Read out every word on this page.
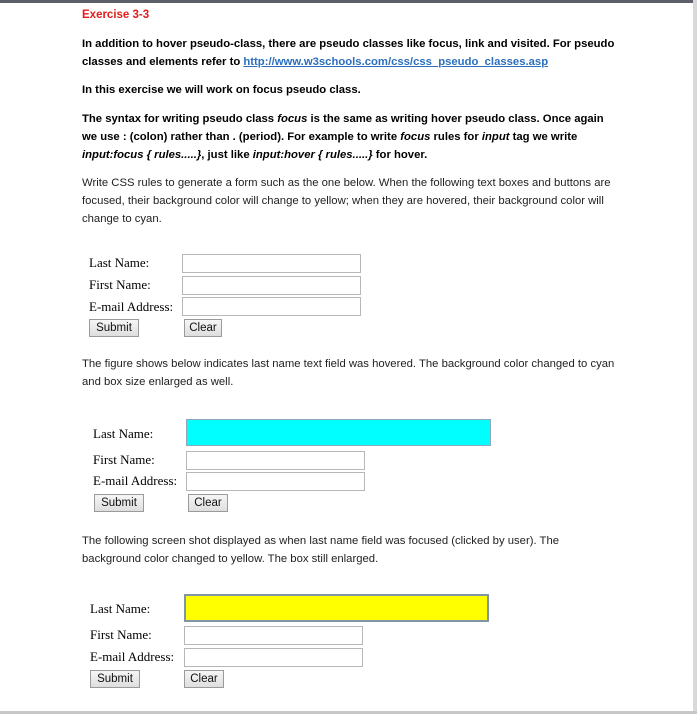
Exercise 3-3

In addition to hover pseudo-class, there are pseudo classes like focus, link and visited. For pseudo classes and elements refer to http://www.w3schools.com/css/css_pseudo_classes.asp

In this exercise we will work on focus pseudo class.

The syntax for writing pseudo class focus is the same as writing hover pseudo class. Once again we use : (colon) rather than . (period). For example to write focus rules for input tag we write input:focus { rules.....}, just like input:hover { rules.....} for hover.

Write CSS rules to generate a form such as the one below. When the following text boxes and buttons are focused, their background color will change to yellow; when they are hovered, their background color will change to cyan.

Last Name:
First Name:
E-mail Address:
Submit	Clear

The figure shows below indicates last name text field was hovered. The background color changed to cyan and box size enlarged as well.

Last Name:
First Name:
E-mail Address:
Submit	Clear

The following screen shot displayed as when last name field was focused (clicked by user). The background color changed to yellow. The box still enlarged.

Last Name:
First Name:
E-mail Address:
Submit	Clear
